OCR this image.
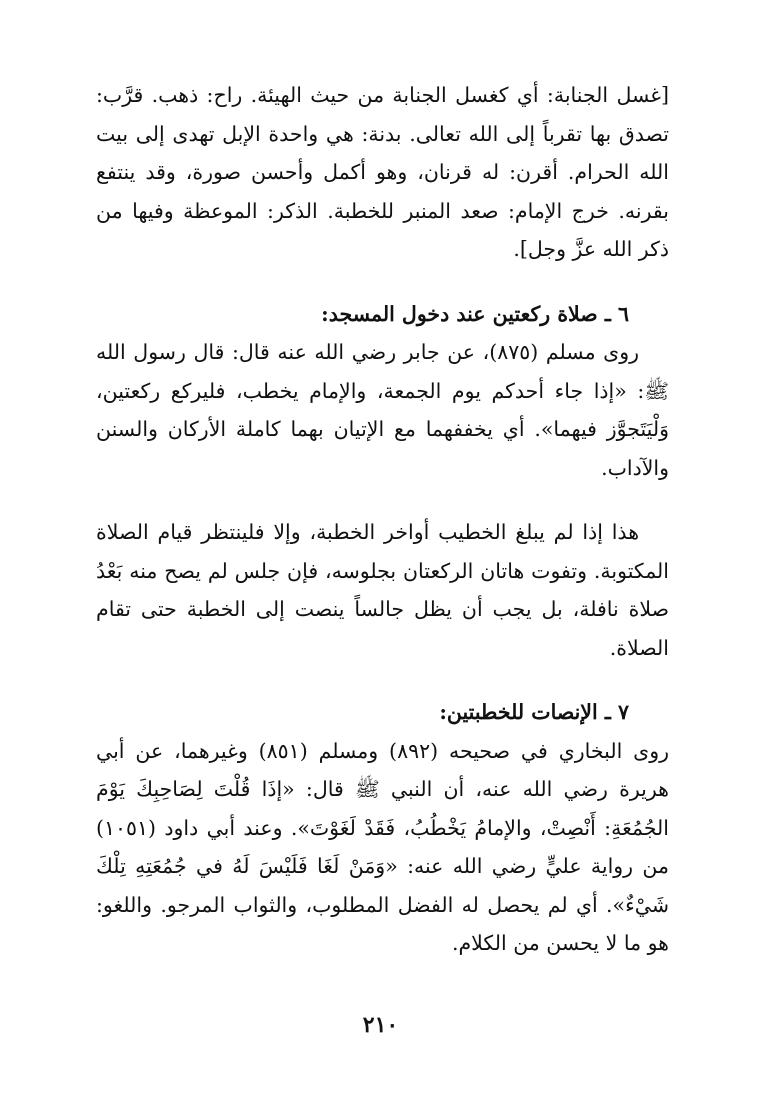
[غسل الجنابة: أي كغسل الجنابة من حيث الهيئة. راح: ذهب. قرَّب: تصدق بها تقرباً إلى الله تعالى. بدنة: هي واحدة الإبل تهدى إلى بيت الله الحرام. أقرن: له قرنان، وهو أكمل وأحسن صورة، وقد ينتفع بقرنه. خرج الإمام: صعد المنبر للخطبة. الذكر: الموعظة وفيها من ذكر الله عزَّ وجل].

٦ ـ صلاة ركعتين عند دخول المسجد:

روى مسلم (٨٧٥)، عن جابر رضي الله عنه قال: قال رسول الله ﷺ: «إذا جاء أحدكم يوم الجمعة، والإمام يخطب، فليركع ركعتين، وَلْيَتَجوَّز فيهما». أي يخففهما مع الإتيان بهما كاملة الأركان والسنن والآداب.

هذا إذا لم يبلغ الخطيب أواخر الخطبة، وإلا فلينتظر قيام الصلاة المكتوبة. وتفوت هاتان الركعتان بجلوسه، فإن جلس لم يصح منه بَعْدُ صلاة نافلة، بل يجب أن يظل جالساً ينصت إلى الخطبة حتى تقام الصلاة.

٧ ـ الإنصات للخطبتين:

روى البخاري في صحيحه (٨٩٢) ومسلم (٨٥١) وغيرهما، عن أبي هريرة رضي الله عنه، أن النبي ﷺ قال: «إذَا قُلْتَ لِصَاحِبِكَ يَوْمَ الجُمُعَةِ: أَنْصِتْ، والإمامُ يَخْطُبُ، فَقَدْ لَغَوْتَ». وعند أبي داود (١٠٥١) من رواية عليٍّ رضي الله عنه: «وَمَنْ لَغَا فَلَيْسَ لَهُ في جُمُعَتِهِ تِلْكَ شَيْءٌ». أي لم يحصل له الفضل المطلوب، والثواب المرجو. واللغو: هو ما لا يحسن من الكلام.

٢١٠
